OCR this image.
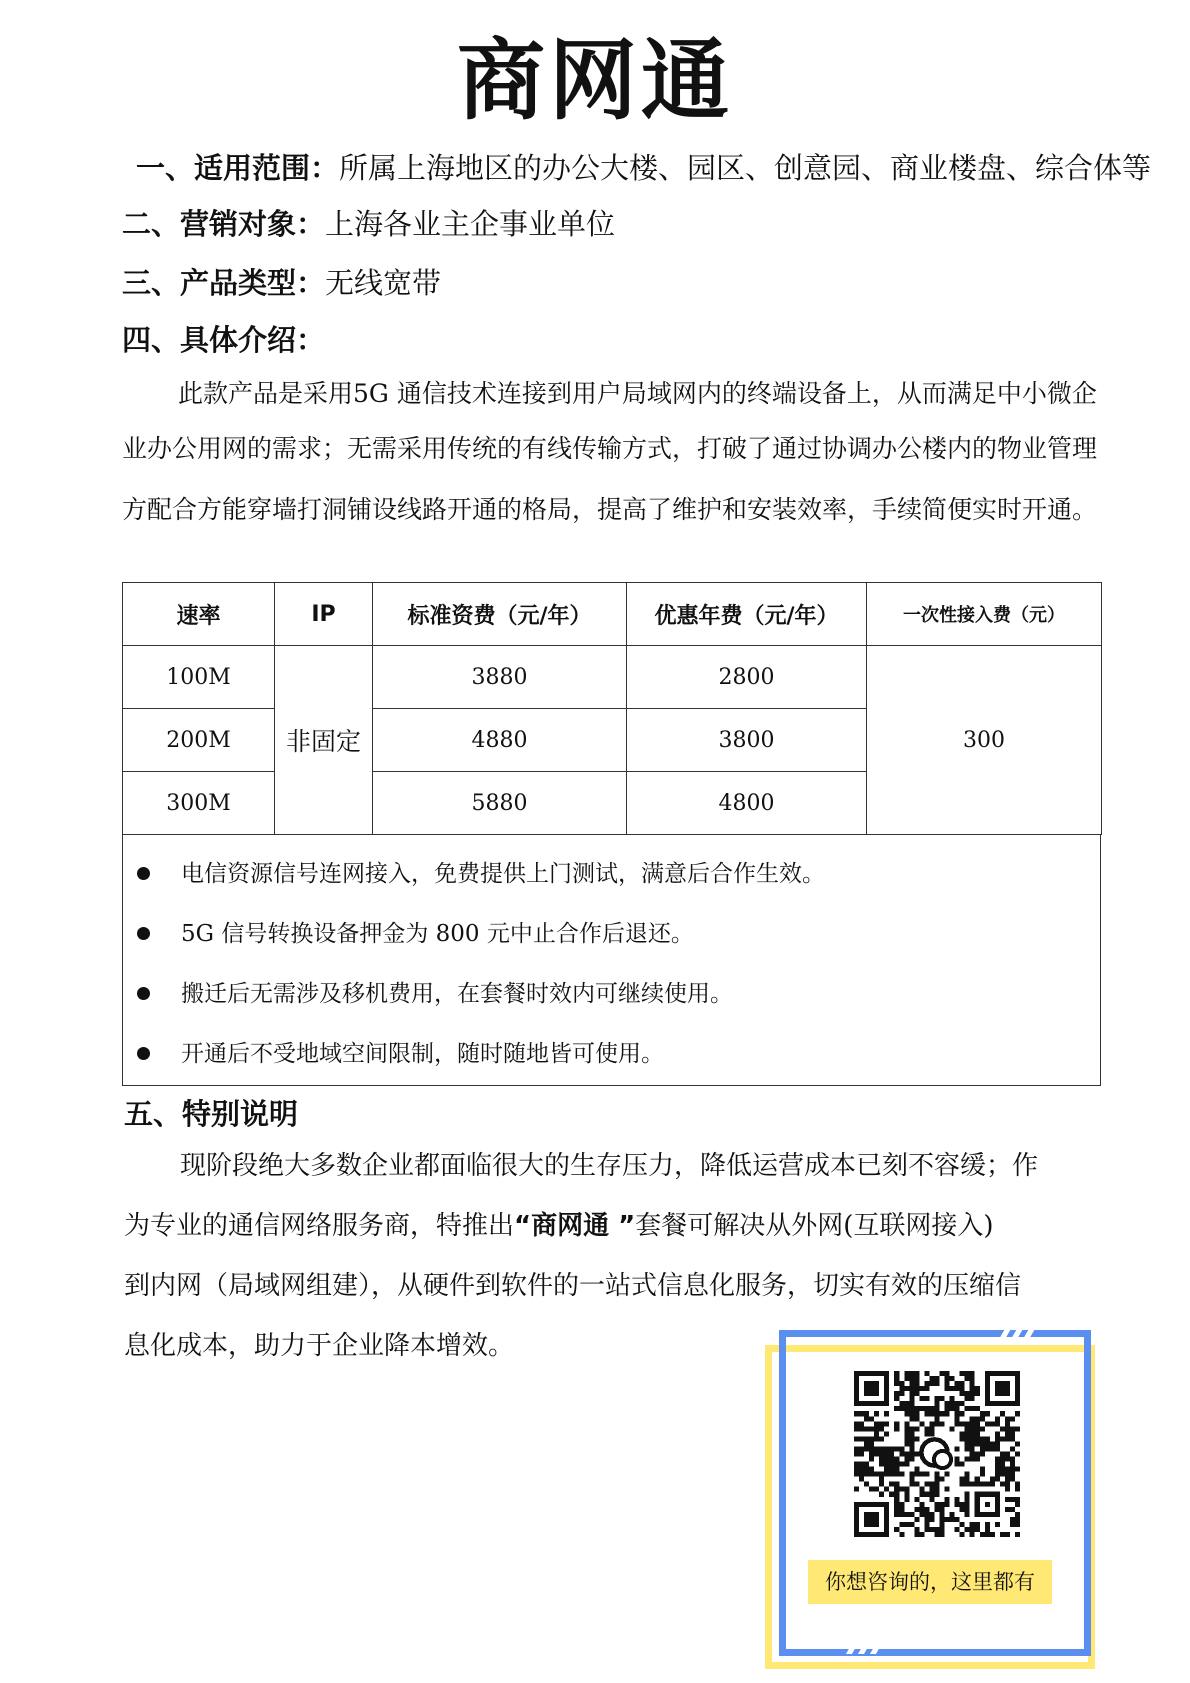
商网通
一、适用范围：所属上海地区的办公大楼、园区、创意园、商业楼盘、综合体等
二、营销对象：上海各业主企事业单位
三、产品类型：无线宽带
四、具体介绍：
此款产品是采用5G 通信技术连接到用户局域网内的终端设备上，从而满足中小微企
业办公用网的需求；无需采用传统的有线传输方式，打破了通过协调办公楼内的物业管理
方配合方能穿墙打洞铺设线路开通的格局，提高了维护和安装效率，手续简便实时开通。
速率	IP	标准资费（元/年）	优惠年费（元/年）	一次性接入费（元）
100M	非固定	3880	2800	300
200M		4880	3800	
300M		5880	4800	
电信资源信号连网接入，免费提供上门测试，满意后合作生效。
5G 信号转换设备押金为 800 元中止合作后退还。
搬迁后无需涉及移机费用，在套餐时效内可继续使用。
开通后不受地域空间限制，随时随地皆可使用。
五、特别说明
现阶段绝大多数企业都面临很大的生存压力，降低运营成本已刻不容缓；作
为专业的通信网络服务商，特推出“商网通 ”套餐可解决从外网(互联网接入)
到内网（局域网组建），从硬件到软件的一站式信息化服务，切实有效的压缩信
息化成本，助力于企业降本增效。
你想咨询的，这里都有
